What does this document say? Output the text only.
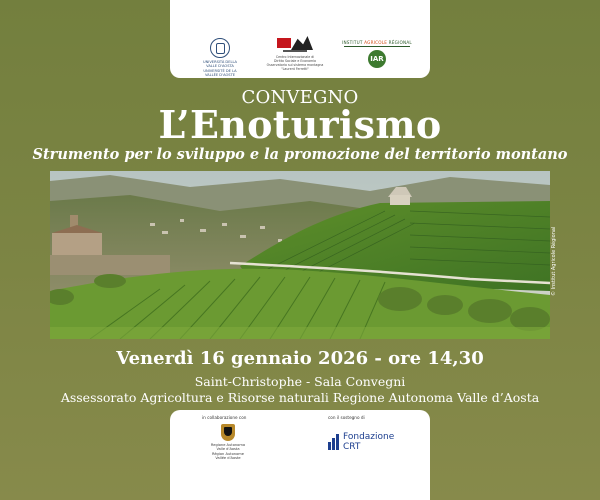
UNIVERSITÀ DELLA
VALLE D'AOSTA
UNIVERSITÉ DE LA
VALLÉE D'AOSTE
Centro Internazionale di
Diritto Sociale e Economia
Osservatorio sul sistema montagna
"Laurent Ferretti"
INSTITUT AGRICOLE RÉGIONAL
IAR
CONVEGNO
L’Enoturismo
Strumento per lo sviluppo e la promozione del territorio montano
© Institut Agricole Régional
Venerdì 16 gennaio 2026 - ore 14,30
Saint-Christophe - Sala Convegni
Assessorato Agricoltura e Risorse naturali Regione Autonoma Valle d’Aosta
in collaborazione con	con il sostegno di
Regione Autonoma
Valle d'Aosta
Région Autonome
Vallée d'Aoste
Fondazione
CRT
